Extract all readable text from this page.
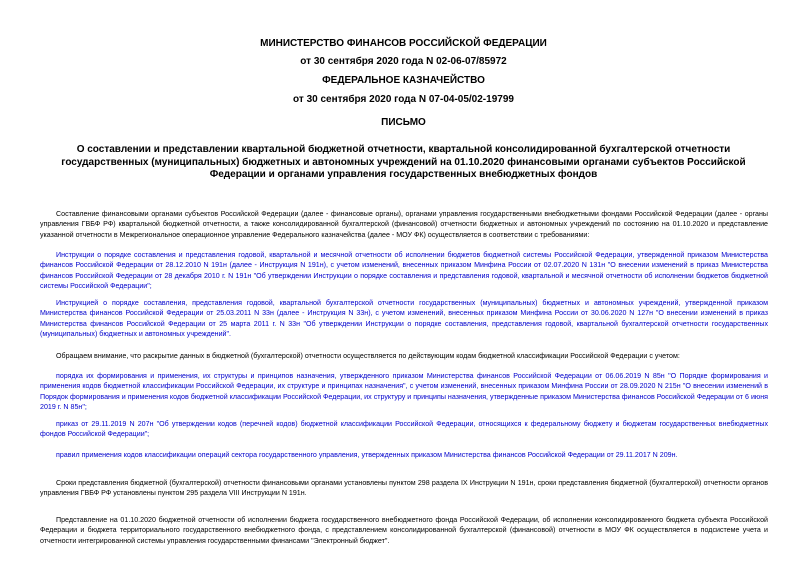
МИНИСТЕРСТВО ФИНАНСОВ РОССИЙСКОЙ ФЕДЕРАЦИИ
от 30 сентября 2020 года N 02-06-07/85972
ФЕДЕРАЛЬНОЕ КАЗНАЧЕЙСТВО
от 30 сентября 2020 года N 07-04-05/02-19799
ПИСЬМО
О составлении и представлении квартальной бюджетной отчетности, квартальной консолидированной бухгалтерской отчетности государственных (муниципальных) бюджетных и автономных учреждений на 01.10.2020 финансовыми органами субъектов Российской Федерации и органами управления государственных внебюджетных фондов
Составление финансовыми органами субъектов Российской Федерации (далее - финансовые органы), органами управления государственными внебюджетными фондами Российской Федерации (далее - органы управления ГВБФ РФ) квартальной бюджетной отчетности, а также консолидированной бухгалтерской (финансовой) отчетности бюджетных и автономных учреждений по состоянию на 01.10.2020 и представление указанной отчетности в Межрегиональное операционное управление Федерального казначейства (далее - МОУ ФК) осуществляется в соответствии с требованиями:
Инструкции о порядке составления и представления годовой, квартальной и месячной отчетности об исполнении бюджетов бюджетной системы Российской Федерации, утвержденной приказом Министерства финансов Российской Федерации от 28.12.2010 N 191н (далее - Инструкция N 191н), с учетом изменений, внесенных приказом Минфина России от 02.07.2020 N 131н "О внесении изменений в приказ Министерства финансов Российской Федерации от 28 декабря 2010 г. N 191н "Об утверждении Инструкции о порядке составления и представления годовой, квартальной и месячной отчетности об исполнении бюджетов бюджетной системы Российской Федерации";
Инструкцией о порядке составления, представления годовой, квартальной бухгалтерской отчетности государственных (муниципальных) бюджетных и автономных учреждений, утвержденной приказом Министерства финансов Российской Федерации от 25.03.2011 N 33н (далее - Инструкция N 33н), с учетом изменений, внесенных приказом Минфина России от 30.06.2020 N 127н "О внесении изменений в приказ Министерства финансов Российской Федерации от 25 марта 2011 г. N 33н "Об утверждении Инструкции о порядке составления, представления годовой, квартальной бухгалтерской отчетности государственных (муниципальных) бюджетных и автономных учреждений".
Обращаем внимание, что раскрытие данных в бюджетной (бухгалтерской) отчетности осуществляется по действующим кодам бюджетной классификации Российской Федерации с учетом:
порядка их формирования и применения, их структуры и принципов назначения, утвержденного приказом Министерства финансов Российской Федерации от 06.06.2019 N 85н "О Порядке формирования и применения кодов бюджетной классификации Российской Федерации, их структуре и принципах назначения", с учетом изменений, внесенных приказом Минфина России от 28.09.2020 N 215н "О внесении изменений в Порядок формирования и применения кодов бюджетной классификации Российской Федерации, их структуру и принципы назначения, утвержденные приказом Министерства финансов Российской Федерации от 6 июня 2019 г. N 85н";
приказ от 29.11.2019 N 207н "Об утверждении кодов (перечней кодов) бюджетной классификации Российской Федерации, относящихся к федеральному бюджету и бюджетам государственных внебюджетных фондов Российской Федерации";
правил применения кодов классификации операций сектора государственного управления, утвержденных приказом Министерства финансов Российской Федерации от 29.11.2017 N 209н.
Сроки представления бюджетной (бухгалтерской) отчетности финансовыми органами установлены пунктом 298 раздела IX Инструкции N 191н, сроки представления бюджетной (бухгалтерской) отчетности органов управления ГВБФ РФ установлены пунктом 295 раздела VIII Инструкции N 191н.
Представление на 01.10.2020 бюджетной отчетности об исполнении бюджета государственного внебюджетного фонда Российской Федерации, об исполнении консолидированного бюджета субъекта Российской Федерации и бюджета территориального государственного внебюджетного фонда, с представлением консолидированной бухгалтерской (финансовой) отчетности в МОУ ФК осуществляется в подсистеме учета и отчетности интегрированной системы управления государственными финансами "Электронный бюджет".
